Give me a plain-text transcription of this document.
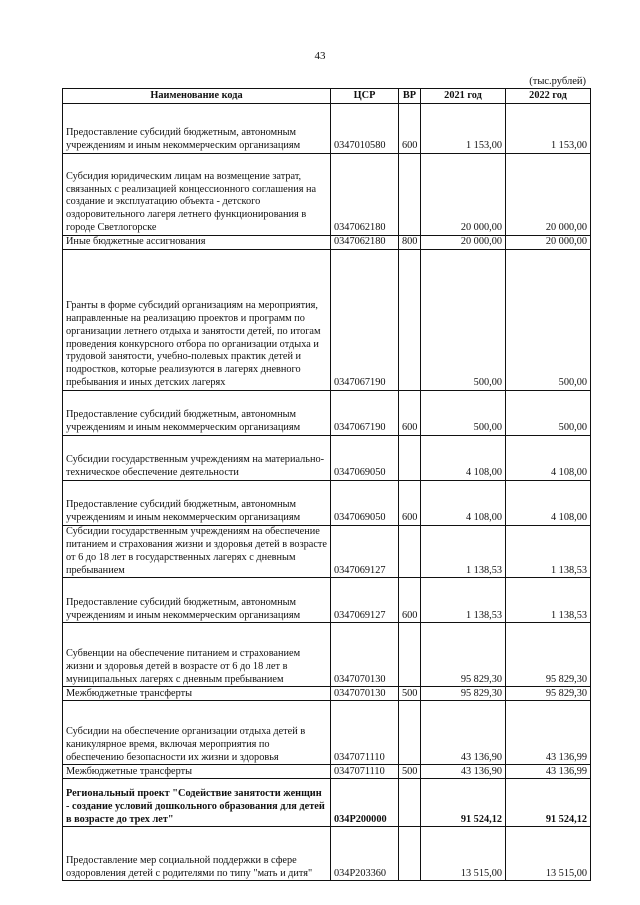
43
(тыс.рублей)
Наименование кода	ЦСР	ВР	2021 год	2022 год
Предоставление субсидий бюджетным, автономным учреждениям и иным некоммерческим организациям	0347010580	600	1 153,00	1 153,00
Субсидия юридическим лицам на возмещение затрат, связанных с реализацией концессионного соглашения на создание и эксплуатацию объекта - детского оздоровительного лагеря летнего функционирования в городе Светлогорске	0347062180		20 000,00	20 000,00
Иные бюджетные ассигнования	0347062180	800	20 000,00	20 000,00
Гранты в форме субсидий организациям на мероприятия, направленные на реализацию проектов и программ по организации летнего отдыха и занятости детей, по итогам проведения конкурсного отбора по организации отдыха и трудовой занятости, учебно-полевых практик детей и подростков, которые реализуются в лагерях дневного пребывания и иных детских лагерях	0347067190		500,00	500,00
Предоставление субсидий бюджетным, автономным учреждениям и иным некоммерческим организациям	0347067190	600	500,00	500,00
Субсидии государственным учреждениям на материально-техническое обеспечение деятельности	0347069050		4 108,00	4 108,00
Предоставление субсидий бюджетным, автономным учреждениям и иным некоммерческим организациям	0347069050	600	4 108,00	4 108,00
Субсидии государственным учреждениям на обеспечение питанием и страхования жизни и здоровья детей в возрасте от 6 до 18 лет в государственных лагерях с дневным пребыванием	0347069127		1 138,53	1 138,53
Предоставление субсидий бюджетным, автономным учреждениям и иным некоммерческим организациям	0347069127	600	1 138,53	1 138,53
Субвенции на обеспечение питанием и страхованием жизни и здоровья детей в возрасте от 6 до 18 лет в муниципальных лагерях с дневным пребыванием	0347070130		95 829,30	95 829,30
Межбюджетные трансферты	0347070130	500	95 829,30	95 829,30
Субсидии на обеспечение организации отдыха детей в каникулярное время, включая мероприятия по обеспечению безопасности их жизни и здоровья	0347071110		43 136,90	43 136,99
Межбюджетные трансферты	0347071110	500	43 136,90	43 136,99
Региональный проект "Содействие занятости женщин - создание условий дошкольного образования для детей в возрасте до трех лет"	034P200000		91 524,12	91 524,12
Предоставление мер социальной поддержки в сфере оздоровления детей с родителями по типу "мать и дитя"	034P203360		13 515,00	13 515,00
